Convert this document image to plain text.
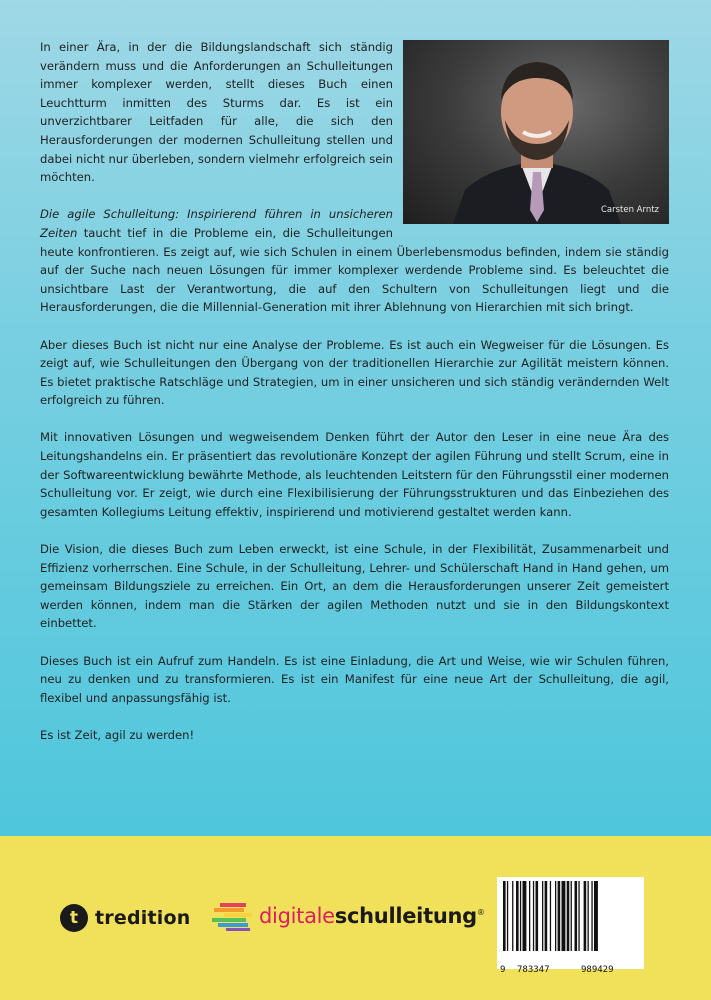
Carsten Arntz

In einer Ära, in der die Bildungslandschaft sich ständig verändern muss und die Anforderungen an Schulleitungen immer komplexer werden, stellt dieses Buch einen Leuchtturm inmitten des Sturms dar. Es ist ein unverzichtbarer Leitfaden für alle, die sich den Herausforderungen der modernen Schulleitung stellen und dabei nicht nur überleben, sondern vielmehr erfolgreich sein möchten.

Die agile Schulleitung: Inspirierend führen in unsicheren Zeiten taucht tief in die Probleme ein, die Schulleitungen heute konfrontieren. Es zeigt auf, wie sich Schulen in einem Überlebensmodus befinden, indem sie ständig auf der Suche nach neuen Lösungen für immer komplexer werdende Probleme sind. Es beleuchtet die unsichtbare Last der Verantwortung, die auf den Schultern von Schulleitungen liegt und die Herausforderungen, die die Millennial-Generation mit ihrer Ablehnung von Hierarchien mit sich bringt.

Aber dieses Buch ist nicht nur eine Analyse der Probleme. Es ist auch ein Wegweiser für die Lösungen. Es zeigt auf, wie Schulleitungen den Übergang von der traditionellen Hierarchie zur Agilität meistern können. Es bietet praktische Ratschläge und Strategien, um in einer unsicheren und sich ständig verändernden Welt erfolgreich zu führen.

Mit innovativen Lösungen und wegweisendem Denken führt der Autor den Leser in eine neue Ära des Leitungshandelns ein. Er präsentiert das revolutionäre Konzept der agilen Führung und stellt Scrum, eine in der Softwareentwicklung bewährte Methode, als leuchtenden Leitstern für den Führungsstil einer modernen Schulleitung vor. Er zeigt, wie durch eine Flexibilisierung der Führungsstrukturen und das Einbeziehen des gesamten Kollegiums Leitung effektiv, inspirierend und motivierend gestaltet werden kann.

Die Vision, die dieses Buch zum Leben erweckt, ist eine Schule, in der Flexibilität, Zusammenarbeit und Effizienz vorherrschen. Eine Schule, in der Schulleitung, Lehrer- und Schülerschaft Hand in Hand gehen, um gemeinsam Bildungsziele zu erreichen. Ein Ort, an dem die Herausforderungen unserer Zeit gemeistert werden können, indem man die Stärken der agilen Methoden nutzt und sie in den Bildungskontext einbettet.

Dieses Buch ist ein Aufruf zum Handeln. Es ist eine Einladung, die Art und Weise, wie wir Schulen führen, neu zu denken und zu transformieren. Es ist ein Manifest für eine neue Art der Schulleitung, die agil, flexibel und anpassungsfähig ist.

Es ist Zeit, agil zu werden!

t tredition	digitaleschulleitung®
9 783347	989429
